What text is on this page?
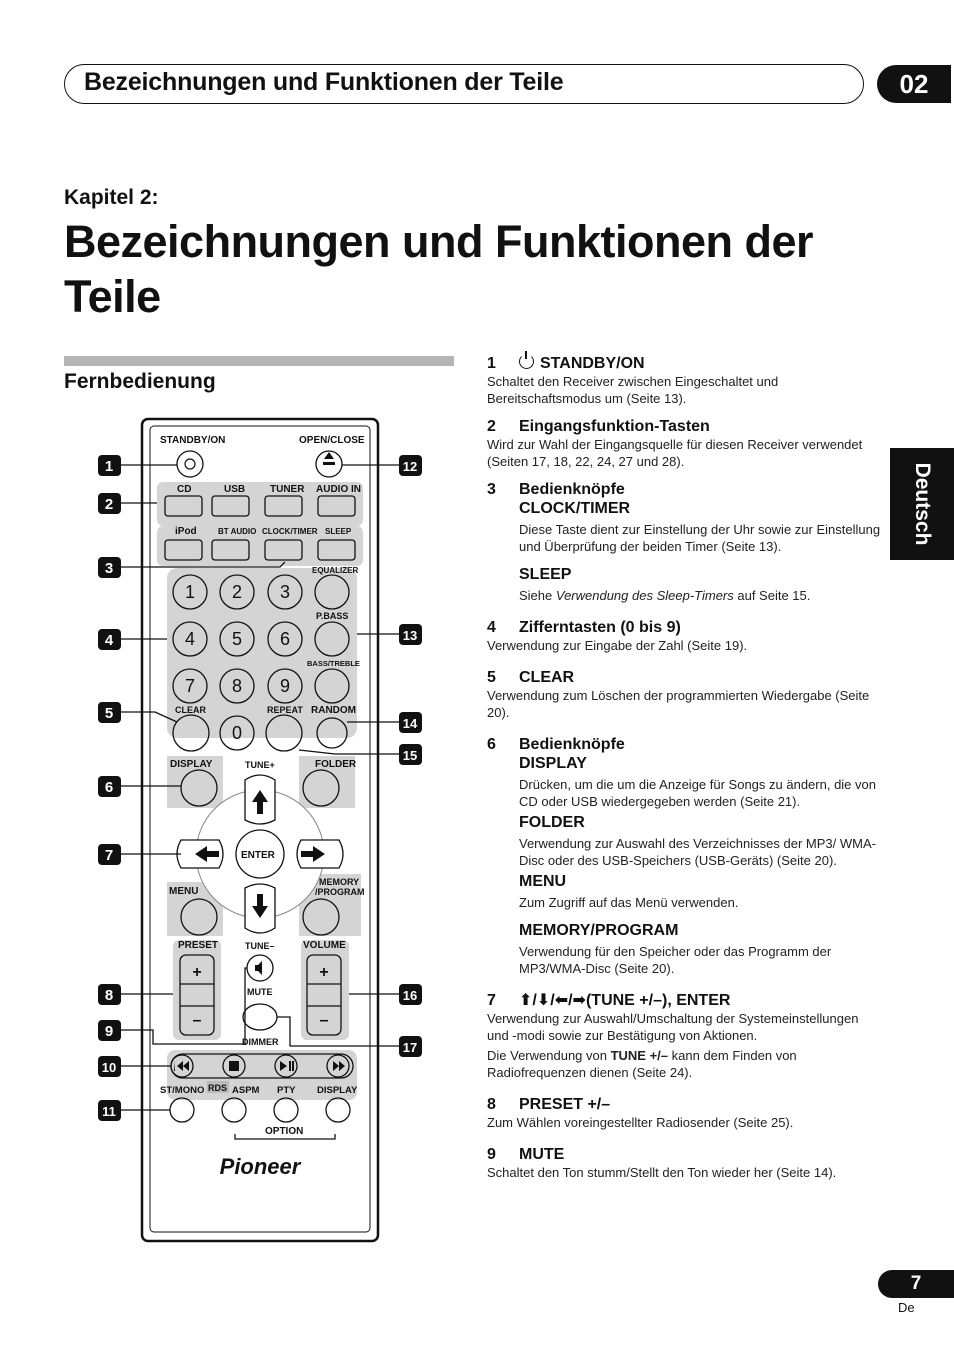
Bezeichnungen und Funktionen der Teile	02
Kapitel 2:
Bezeichnungen und Funktionen der Teile
Fernbedienung
Deutsch
1
2
3
4
5
6
7
8
9
10
11
12
13
14
15
16
17
STANDBY/ON	OPEN/CLOSE
CD	USB TUNER AUDIO IN
iPod	BT AUDIO CLOCK/TIMER SLEEP
EQUALIZER
P.BASS
BASS/TREBLE
CLEAR	REPEAT RANDOM
DISPLAY	TUNE+	FOLDER
ENTER
MENU
MEMORY
/PROGRAM
PRESET	TUNE–	VOLUME
MUTE
DIMMER
ST/MONO RDS ASPM PTY DISPLAY
OPTION
+
–
+
–
1 2 3
4 5 6
7 8 9
0
Pioneer
1	STANDBY/ON
Schaltet den Receiver zwischen Eingeschaltet und Bereitschaftsmodus um (Seite 13).
2	Eingangsfunktion-Tasten
Wird zur Wahl der Eingangsquelle für diesen Receiver verwendet (Seiten 17, 18, 22, 24, 27 und 28).
3	Bedienknöpfe
CLOCK/TIMER
Diese Taste dient zur Einstellung der Uhr sowie zur Einstellung und Überprüfung der beiden Timer (Seite 13).
SLEEP
Siehe Verwendung des Sleep-Timers auf Seite 15.
4	Zifferntasten (0 bis 9)
Verwendung zur Eingabe der Zahl (Seite 19).
5	CLEAR
Verwendung zum Löschen der programmierten Wiedergabe (Seite 20).
6	Bedienknöpfe
DISPLAY
Drücken, um die um die Anzeige für Songs zu ändern, die von CD oder USB wiedergegeben werden (Seite 21).
FOLDER
Verwendung zur Auswahl des Verzeichnisses der MP3/ WMA-Disc oder des USB-Speichers (USB-Geräts) (Seite 20).
MENU
Zum Zugriff auf das Menü verwenden.
MEMORY/PROGRAM
Verwendung für den Speicher oder das Programm der MP3/WMA-Disc (Seite 20).
7	⬆/⬇/⬅/➡ (TUNE +/–), ENTER
Verwendung zur Auswahl/Umschaltung der Systemeinstellungen und -modi sowie zur Bestätigung von Aktionen.
Die Verwendung von TUNE +/– kann dem Finden von Radiofrequenzen dienen (Seite 24).
8	PRESET +/–
Zum Wählen voreingestellter Radiosender (Seite 25).
9	MUTE
Schaltet den Ton stumm/Stellt den Ton wieder her (Seite 14).
7
De
